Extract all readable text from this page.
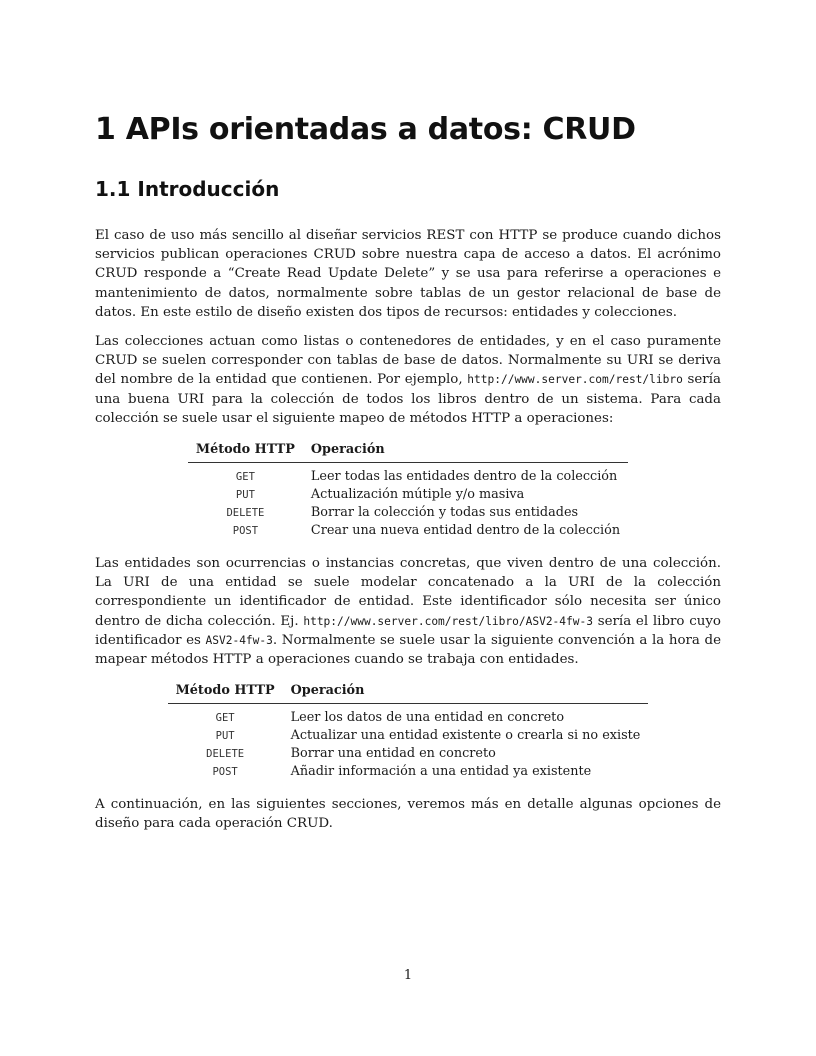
1 APIs orientadas a datos: CRUD
1.1 Introducción

El caso de uso más sencillo al diseñar servicios REST con HTTP se produce cuando dichos servicios publican operaciones CRUD sobre nuestra capa de acceso a datos. El acrónimo CRUD responde a “Create Read Update Delete” y se usa para referirse a operaciones e mantenimiento de datos, normalmente sobre tablas de un gestor relacional de base de datos. En este estilo de diseño existen dos tipos de recursos: entidades y colecciones.

Las colecciones actuan como listas o contenedores de entidades, y en el caso puramente CRUD se suelen corresponder con tablas de base de datos. Normalmente su URI se deriva del nombre de la entidad que contienen. Por ejemplo, http://www.server.com/rest/libro sería una buena URI para la colección de todos los libros dentro de un sistema. Para cada colección se suele usar el siguiente mapeo de métodos HTTP a operaciones:

Método HTTP	Operación
GET	Leer todas las entidades dentro de la colección
PUT	Actualización mútiple y/o masiva
DELETE	Borrar la colección y todas sus entidades
POST	Crear una nueva entidad dentro de la colección

Las entidades son ocurrencias o instancias concretas, que viven dentro de una colección. La URI de una entidad se suele modelar concatenado a la URI de la colección correspondiente un identificador de entidad. Este identificador sólo necesita ser único dentro de dicha colección. Ej. http://www.server.com/rest/libro/ASV2-4fw-3 sería el libro cuyo identificador es ASV2-4fw-3. Normalmente se suele usar la siguiente convención a la hora de mapear métodos HTTP a operaciones cuando se trabaja con entidades.

Método HTTP	Operación
GET	Leer los datos de una entidad en concreto
PUT	Actualizar una entidad existente o crearla si no existe
DELETE	Borrar una entidad en concreto
POST	Añadir información a una entidad ya existente

A continuación, en las siguientes secciones, veremos más en detalle algunas opciones de diseño para cada operación CRUD.

1
